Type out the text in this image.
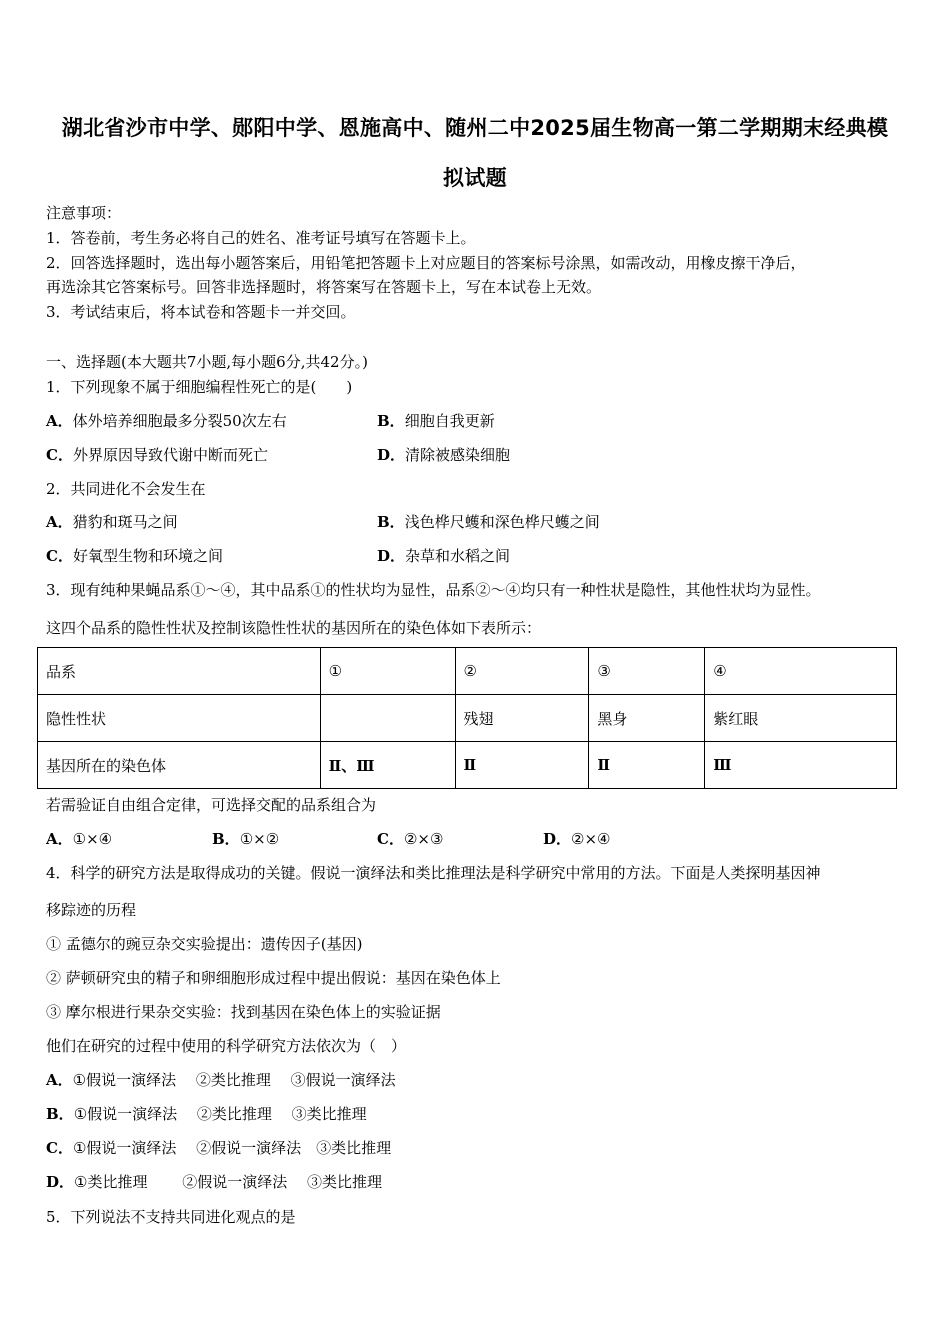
湖北省沙市中学、郧阳中学、恩施高中、随州二中2025届生物高一第二学期期末经典模
拟试题
注意事项：
1．答卷前，考生务必将自己的姓名、准考证号填写在答题卡上。
2．回答选择题时，选出每小题答案后，用铅笔把答题卡上对应题目的答案标号涂黑，如需改动，用橡皮擦干净后，
再选涂其它答案标号。回答非选择题时，将答案写在答题卡上，写在本试卷上无效。
3．考试结束后，将本试卷和答题卡一并交回。
一、选择题(本大题共7小题,每小题6分,共42分。)
1．下列现象不属于细胞编程性死亡的是(　　)
A．体外培养细胞最多分裂50次左右	B．细胞自我更新
C．外界原因导致代谢中断而死亡	D．清除被感染细胞
2．共同进化不会发生在
A．猎豹和斑马之间	B．浅色桦尺蠖和深色桦尺蠖之间
C．好氧型生物和环境之间	D．杂草和水稻之间
3．现有纯种果蝇品系①～④，其中品系①的性状均为显性，品系②～④均只有一种性状是隐性，其他性状均为显性。
这四个品系的隐性性状及控制该隐性性状的基因所在的染色体如下表所示：
品系	①	②	③	④
隐性性状		残翅	黑身	紫红眼
基因所在的染色体	Ⅱ、Ⅲ	Ⅱ	Ⅱ	Ⅲ
若需验证自由组合定律，可选择交配的品系组合为
A．①×④	B．①×②	C．②×③	D．②×④
4．科学的研究方法是取得成功的关键。假说一演绎法和类比推理法是科学研究中常用的方法。下面是人类探明基因神
移踪迹的历程
① 孟德尔的豌豆杂交实验提出：遗传因子(基因)
② 萨顿研究虫的精子和卵细胞形成过程中提出假说：基因在染色体上
③ 摩尔根进行果杂交实验：找到基因在染色体上的实验证据
他们在研究的过程中使用的科学研究方法依次为（　）
A．①假说一演绎法　 ②类比推理　 ③假说一演绎法
B．①假说一演绎法　 ②类比推理　 ③类比推理
C．①假说一演绎法　 ②假说一演绎法　③类比推理
D．①类比推理　　 ②假说一演绎法　 ③类比推理
5．下列说法不支持共同进化观点的是
